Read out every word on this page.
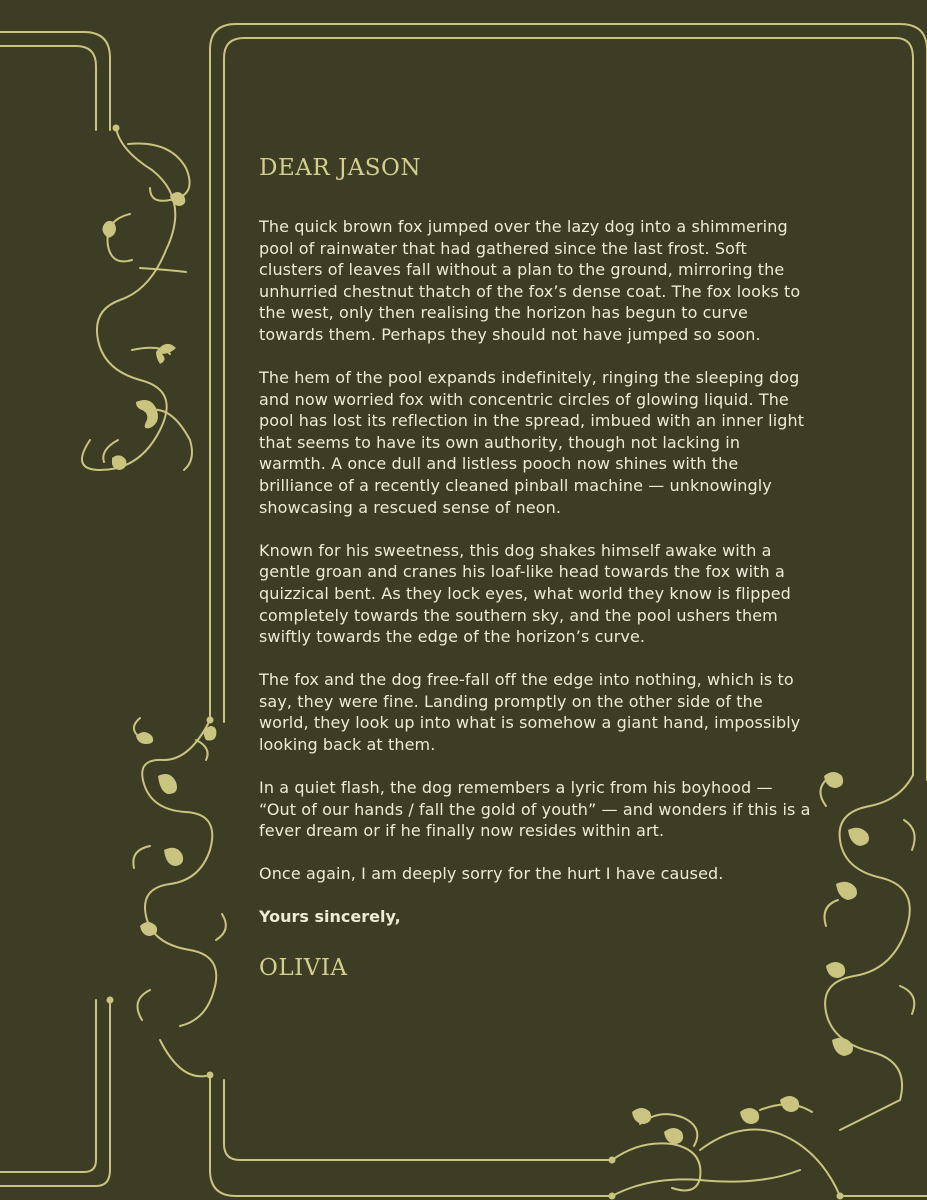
DEAR JASON

The quick brown fox jumped over the lazy dog into a shimmering pool of rainwater that had gathered since the last frost. Soft clusters of leaves fall without a plan to the ground, mirroring the unhurried chestnut thatch of the fox’s dense coat. The fox looks to the west, only then realising the horizon has begun to curve towards them. Perhaps they should not have jumped so soon.

The hem of the pool expands indefinitely, ringing the sleeping dog and now worried fox with concentric circles of glowing liquid. The pool has lost its reflection in the spread, imbued with an inner light that seems to have its own authority, though not lacking in warmth. A once dull and listless pooch now shines with the brilliance of a recently cleaned pinball machine — unknowingly showcasing a rescued sense of neon.

Known for his sweetness, this dog shakes himself awake with a gentle groan and cranes his loaf-like head towards the fox with a quizzical bent. As they lock eyes, what world they know is flipped completely towards the southern sky, and the pool ushers them swiftly towards the edge of the horizon’s curve.

The fox and the dog free-fall off the edge into nothing, which is to say, they were fine. Landing promptly on the other side of the world, they look up into what is somehow a giant hand, impossibly looking back at them.

In a quiet flash, the dog remembers a lyric from his boyhood — “Out of our hands / fall the gold of youth” — and wonders if this is a fever dream or if he finally now resides within art.

Once again, I am deeply sorry for the hurt I have caused.

Yours sincerely,

OLIVIA
